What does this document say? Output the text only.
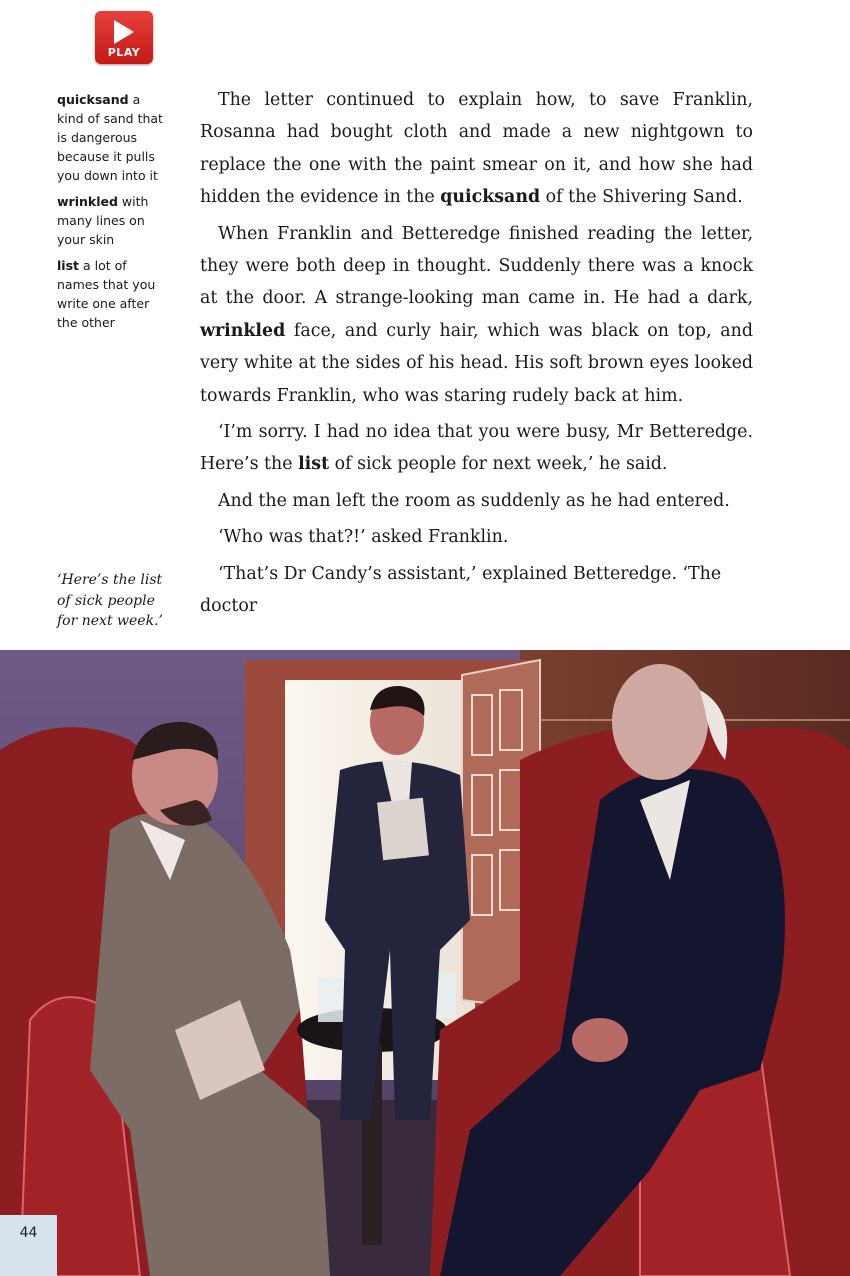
PLAY
quicksand a kind of sand that is dangerous because it pulls you down into it
wrinkled with many lines on your skin
list a lot of names that you write one after the other

The letter continued to explain how, to save Franklin, Rosanna had bought cloth and made a new nightgown to replace the one with the paint smear on it, and how she had hidden the evidence in the quicksand of the Shivering Sand.

When Franklin and Betteredge finished reading the letter, they were both deep in thought. Suddenly there was a knock at the door. A strange-looking man came in. He had a dark, wrinkled face, and curly hair, which was black on top, and very white at the sides of his head. His soft brown eyes looked towards Franklin, who was staring rudely back at him.

‘I’m sorry. I had no idea that you were busy, Mr Betteredge. Here’s the list of sick people for next week,’ he said.

And the man left the room as suddenly as he had entered.

‘Who was that?!’ asked Franklin.

‘That’s Dr Candy’s assistant,’ explained Betteredge. ‘The doctor

‘Here’s the list of sick people for next week.’
44
